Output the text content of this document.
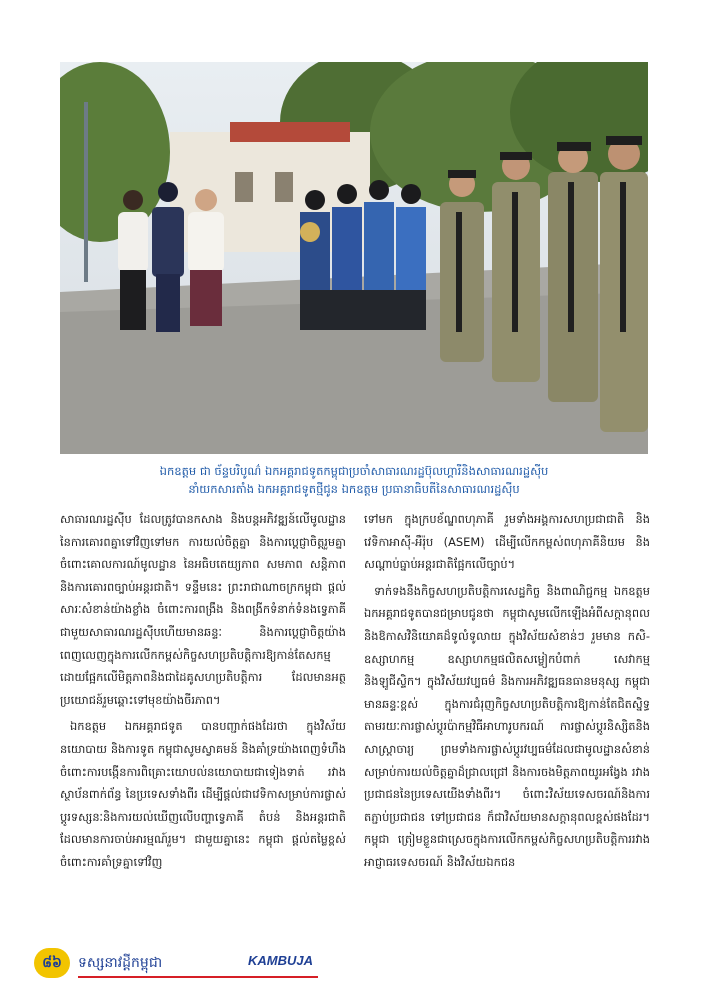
ឯកឧត្តម ជា ច័ន្ទបរិបូណ៌ ឯកអគ្គរាជទូតកម្ពុជាប្រចាំសាធារណរដ្ឋប៊ុលហ្គារីនិងសាធារណរដ្ឋស៊ីប
នាំយកសារតាំង ឯកអគ្គរាជទូតថ្មីជូន ឯកឧត្តម ប្រធានាធិបតីនៃសាធារណរដ្ឋស៊ីប

សាធារណរដ្ឋស៊ីប ដែលត្រូវបានកសាង និងបន្តអភិវឌ្ឍន៍លើមូលដ្ឋាន នៃការគោរពគ្នាទៅវិញទៅមក ការយល់ចិត្តគ្នា និងការប្តេជ្ញាចិត្តរួមគ្នា ចំពោះគោលការណ៍មូលដ្ឋាន នៃអធិបតេយ្យភាព សមភាព សន្តិភាព និងការគោរពច្បាប់អន្តរជាតិ។ ទន្ទឹមនេះ ព្រះរាជាណាចក្រកម្ពុជា ផ្តល់សារៈសំខាន់យ៉ាងខ្លាំង ចំពោះការពង្រឹង និងពង្រីកទំនាក់ទំនងទ្វេភាគីជាមួយសាធារណរដ្ឋស៊ីបហើយមានឆន្ទៈ និងការប្តេជ្ញាចិត្តយ៉ាងពេញលេញក្នុងការលើកកម្ពស់កិច្ចសហប្រតិបត្តិការឱ្យកាន់តែសកម្មដោយផ្អែកលើមិត្តភាពនិងជាដៃគូសហប្រតិបត្តិការ ដែលមានអត្ថប្រយោជន៍រួមឆ្ពោះទៅមុខយ៉ាងចីរភាព។

ឯកឧត្តម ឯកអគ្គរាជទូត បានបញ្ជាក់ផងដែរថា ក្នុងវិស័យនយោបាយ និងការទូត កម្ពុជាសូមស្វាគមន៍ និងគាំទ្រយ៉ាងពេញទំហឹង ចំពោះការបង្កើនការពិគ្រោះយោបល់នយោបាយជាទៀងទាត់ រវាងស្ថាប័នពាក់ព័ន្ធ នៃប្រទេសទាំងពីរ ដើម្បីផ្តល់ជាវេទិកាសម្រាប់ការផ្លាស់ប្តូរទស្សនៈនិងការយល់ឃើញលើបញ្ហាទ្វេភាគី តំបន់ និងអន្តរជាតិ ដែលមានការចាប់អារម្មណ៍រួម។ ជាមួយគ្នានេះ កម្ពុជា ផ្តល់តម្លៃខ្ពស់ចំពោះការគាំទ្រគ្នាទៅវិញ

ទៅមក ក្នុងក្របខ័ណ្ឌពហុភាគី រួមទាំងអង្គការសហប្រជាជាតិ និងវេទិកាអាស៊ី-អឺរ៉ុប (ASEM) ដើម្បីលើកកម្ពស់ពហុភាគីនិយម និងសណ្តាប់ធ្នាប់អន្តរជាតិផ្អែកលើច្បាប់។

ទាក់ទងនឹងកិច្ចសហប្រតិបត្តិការសេដ្ឋកិច្ច និងពាណិជ្ជកម្ម ឯកឧត្តម ឯកអគ្គរាជទូតបានជម្រាបជូនថា កម្ពុជាសូមលើកឡើងអំពីសក្តានុពល និងឱកាសវិនិយោគដ៏ទូលំទូលាយ ក្នុងវិស័យសំខាន់ៗ រួមមាន កសិ-ឧស្សាហកម្ម ឧស្សាហកម្មផលិតសម្លៀកបំពាក់ សេវាកម្ម និងឡូជីស្ទិក។ ក្នុងវិស័យវប្បធម៌ និងការអភិវឌ្ឍធនធានមនុស្ស កម្ពុជាមានឆន្ទៈខ្ពស់ ក្នុងការជំរុញកិច្ចសហប្រតិបត្តិការឱ្យកាន់តែជិតស្និទ្ធ តាមរយៈការផ្លាស់ប្តូរប៉ាកម្មវិធីអាហារូបករណ៍ ការផ្លាស់ប្តូរនិស្សិតនិងសាស្ត្រាចារ្យ ព្រមទាំងការផ្លាស់ប្តូរវប្បធម៌ដែលជាមូលដ្ឋានសំខាន់ សម្រាប់ការយល់ចិត្តគ្នាដ៏ជ្រាលជ្រៅ និងការចងមិត្តភាពយូរអង្វែង រវាងប្រជាជននៃប្រទេសយើងទាំងពីរ។ ចំពោះវិស័យទេសចរណ៍និងការតភ្ជាប់ប្រជាជន ទៅប្រជាជន ក៏ជាវិស័យមានសក្តានុពលខ្ពស់ផងដែរ។ កម្ពុជា ត្រៀមខ្លួនជាស្រេចក្នុងការលើកកម្ពស់កិច្ចសហប្រតិបត្តិការរវាងអាជ្ញាធរទេសចរណ៍ និងវិស័យឯកជន

៨៦	ទស្សនាវដ្តីកម្ពុជា	KAMBUJA
